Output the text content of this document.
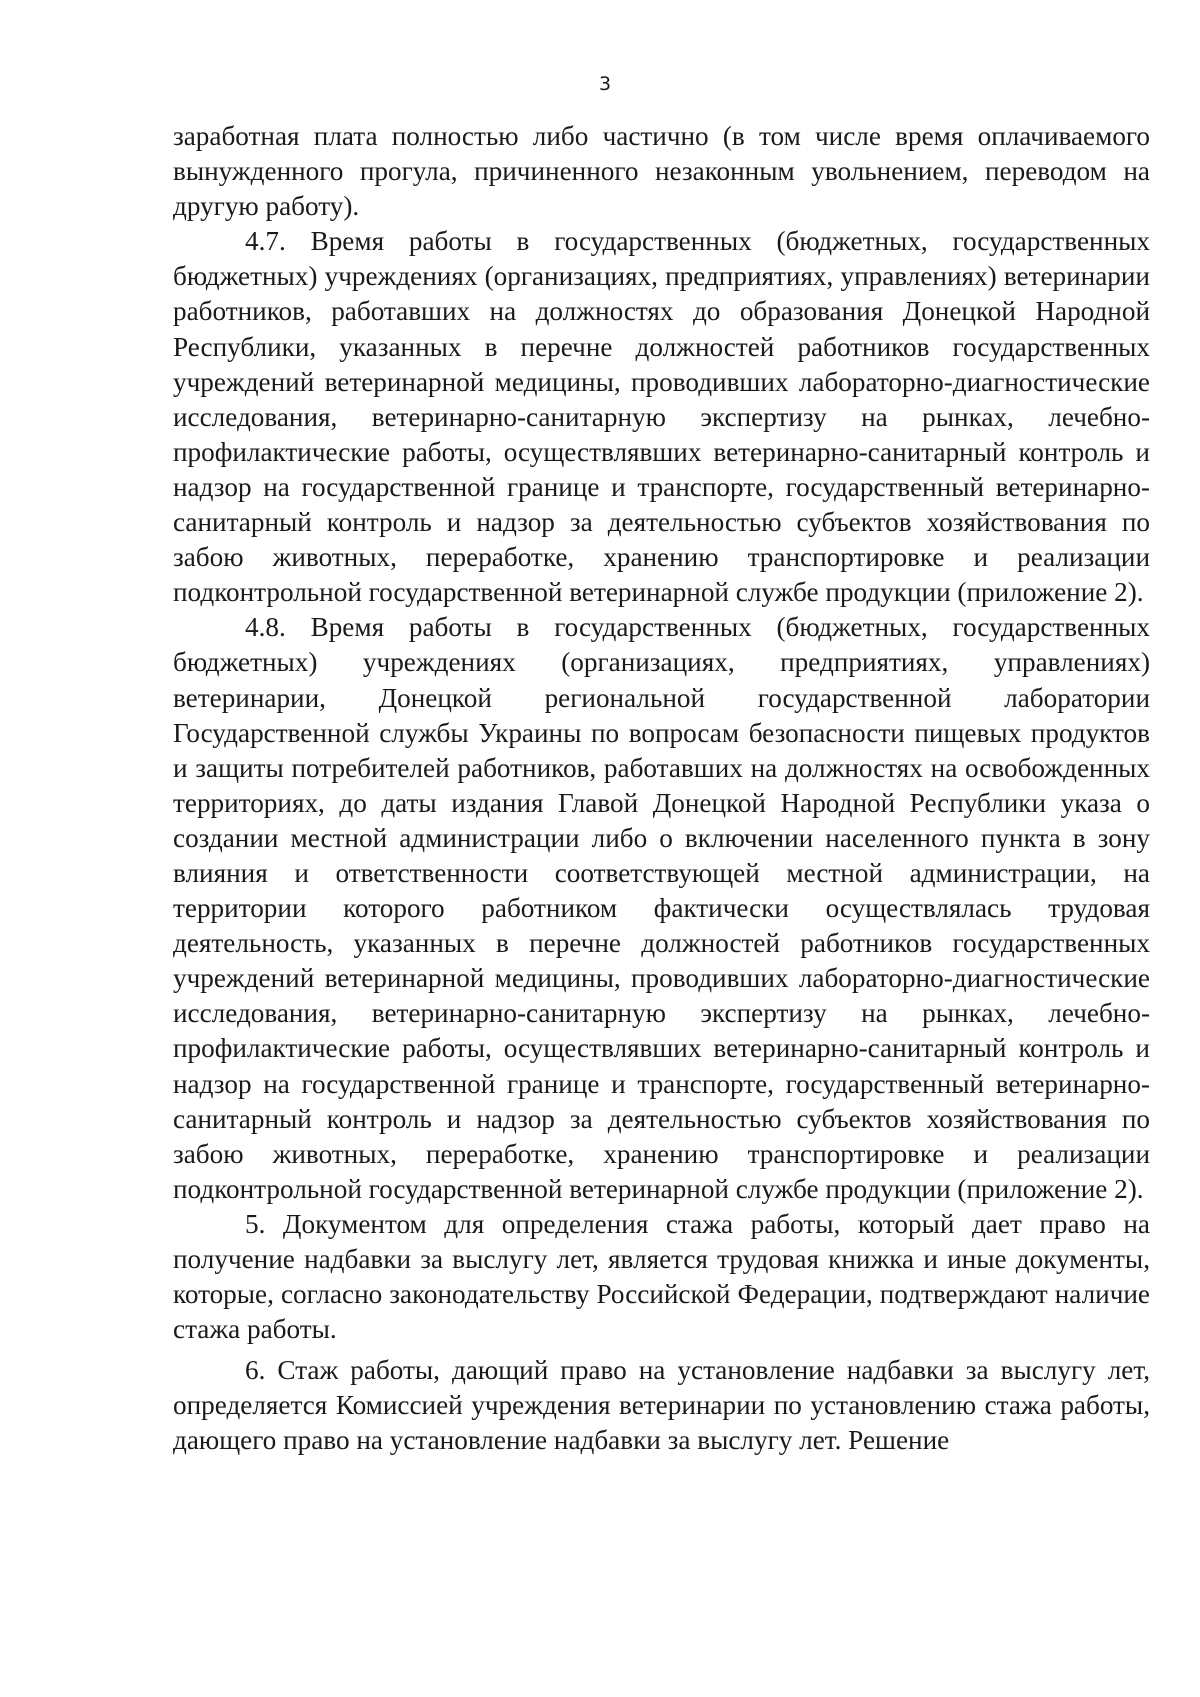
3

заработная плата полностью либо частично (в том числе время оплачиваемого вынужденного прогула, причиненного незаконным увольнением, переводом на другую работу).

4.7. Время работы в государственных (бюджетных, государственных бюджетных) учреждениях (организациях, предприятиях, управлениях) ветеринарии работников, работавших на должностях до образования Донецкой Народной Республики, указанных в перечне должностей работников государственных учреждений ветеринарной медицины, проводивших лабораторно-диагностические исследования, ветеринарно-санитарную экспертизу на рынках, лечебно-профилактические работы, осуществлявших ветеринарно-санитарный контроль и надзор на государственной границе и транспорте, государственный ветеринарно-санитарный контроль и надзор за деятельностью субъектов хозяйствования по забою животных, переработке, хранению транспортировке и реализации подконтрольной государственной ветеринарной службе продукции (приложение 2).

4.8. Время работы в государственных (бюджетных, государственных бюджетных) учреждениях (организациях, предприятиях, управлениях) ветеринарии, Донецкой региональной государственной лаборатории Государственной службы Украины по вопросам безопасности пищевых продуктов и защиты потребителей работников, работавших на должностях на освобожденных территориях, до даты издания Главой Донецкой Народной Республики указа о создании местной администрации либо о включении населенного пункта в зону влияния и ответственности соответствующей местной администрации, на территории которого работником фактически осуществлялась трудовая деятельность, указанных в перечне должностей работников государственных учреждений ветеринарной медицины, проводивших лабораторно-диагностические исследования, ветеринарно-санитарную экспертизу на рынках, лечебно-профилактические работы, осуществлявших ветеринарно-санитарный контроль и надзор на государственной границе и транспорте, государственный ветеринарно-санитарный контроль и надзор за деятельностью субъектов хозяйствования по забою животных, переработке, хранению транспортировке и реализации подконтрольной государственной ветеринарной службе продукции (приложение 2).

5. Документом для определения стажа работы, который дает право на получение надбавки за выслугу лет, является трудовая книжка и иные документы, которые, согласно законодательству Российской Федерации, подтверждают наличие стажа работы.

6. Стаж работы, дающий право на установление надбавки за выслугу лет, определяется Комиссией учреждения ветеринарии по установлению стажа работы, дающего право на установление надбавки за выслугу лет. Решение
